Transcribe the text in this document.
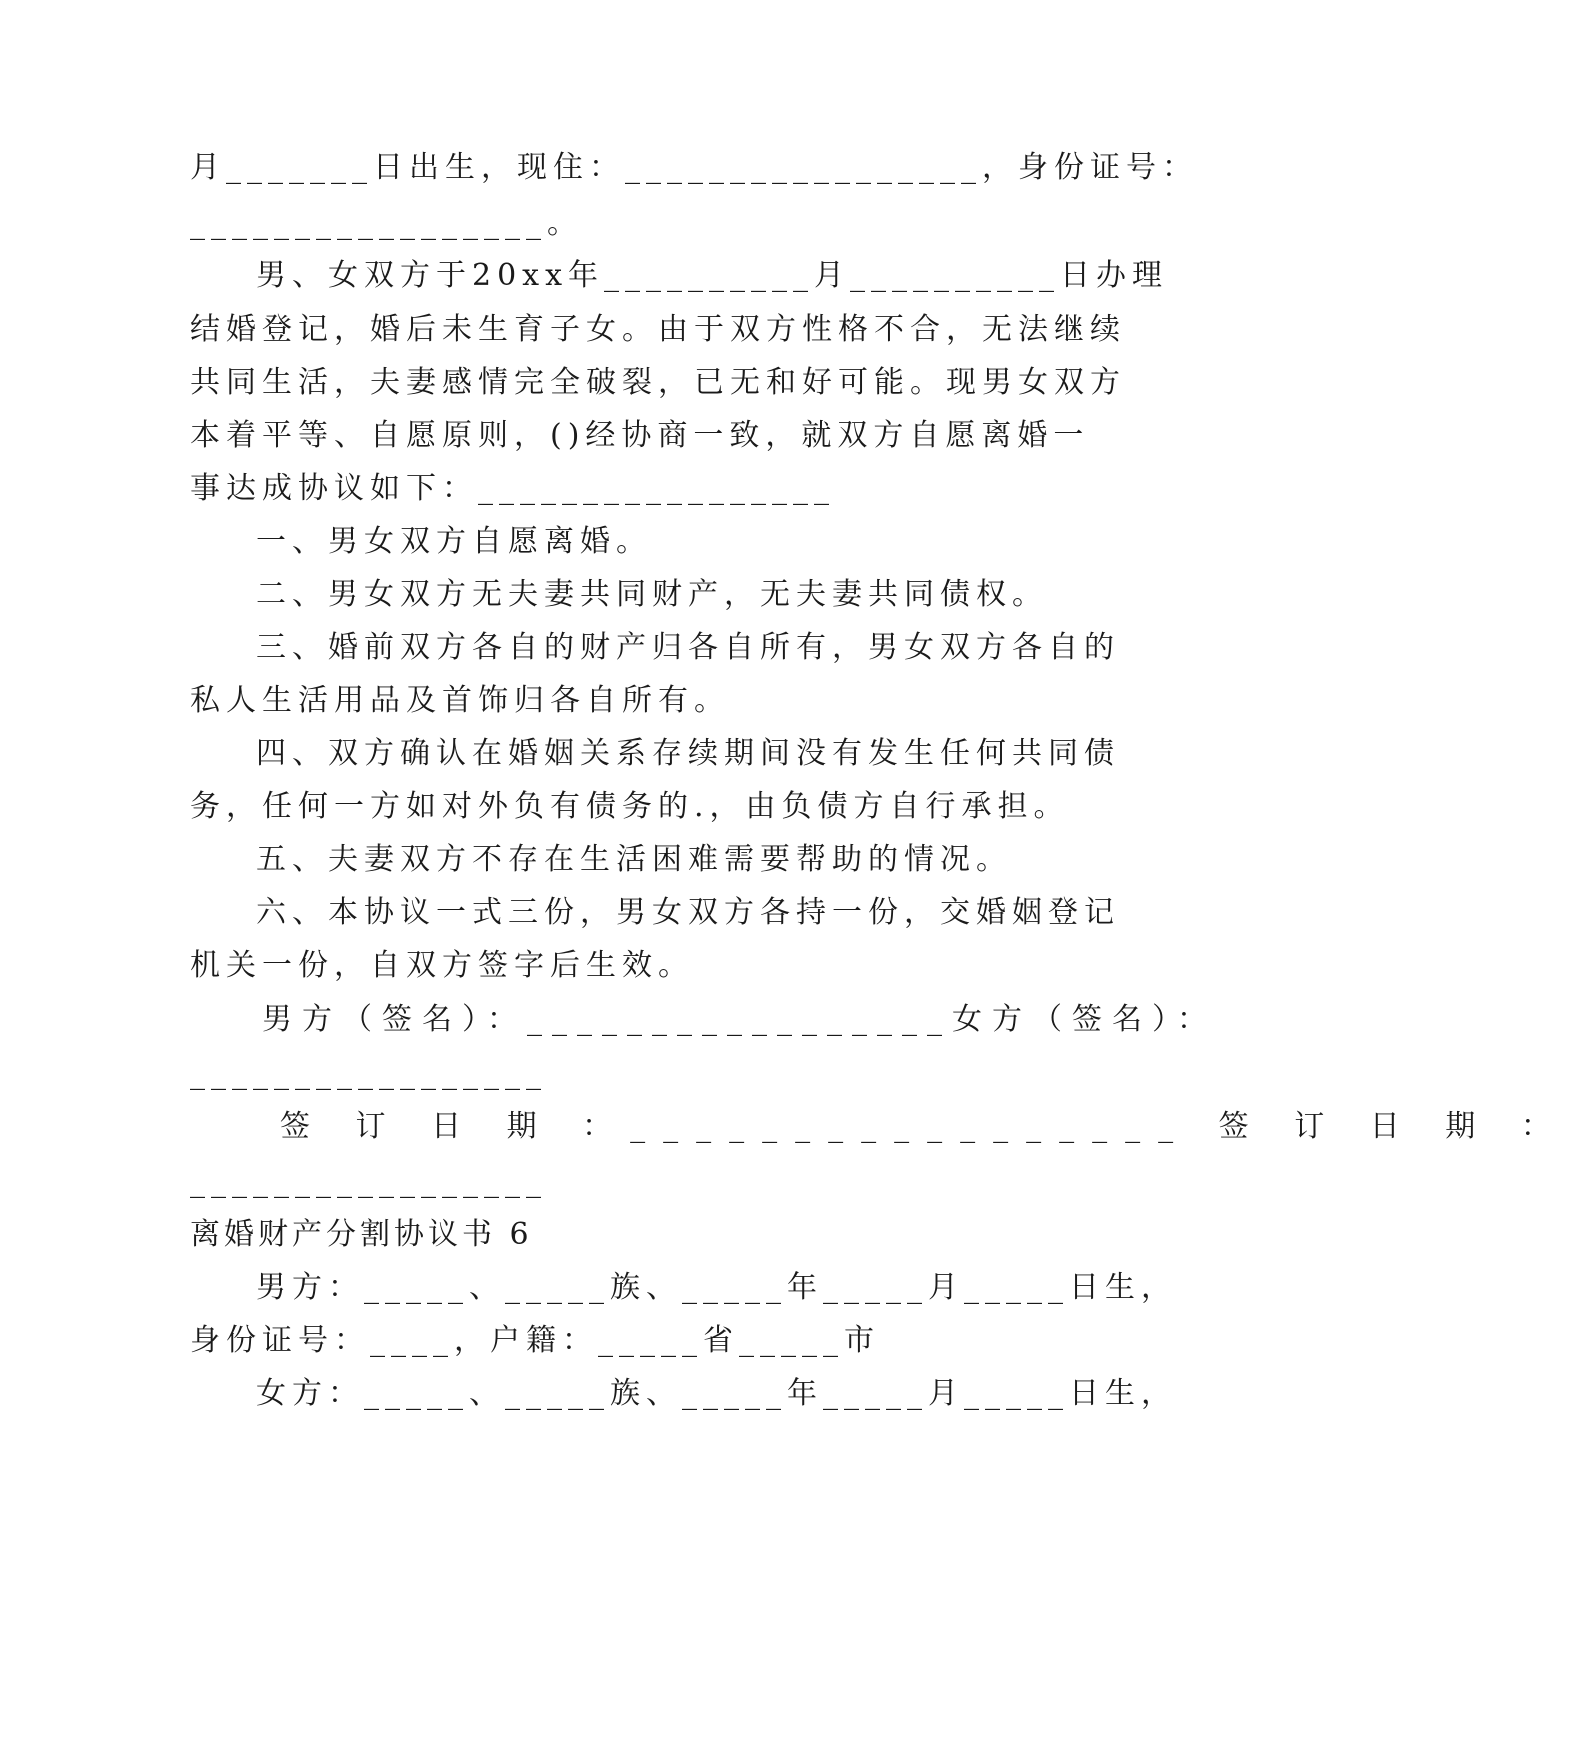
月_______日出生，现住：_________________，身份证号：
_________________。
男、女双方于20xx年__________月__________日办理
结婚登记，婚后未生育子女。由于双方性格不合，无法继续
共同生活，夫妻感情完全破裂，已无和好可能。现男女双方
本着平等、自愿原则，()经协商一致，就双方自愿离婚一
事达成协议如下：_________________
一、男女双方自愿离婚。
二、男女双方无夫妻共同财产，无夫妻共同债权。
三、婚前双方各自的财产归各自所有，男女双方各自的
私人生活用品及首饰归各自所有。
四、双方确认在婚姻关系存续期间没有发生任何共同债
务，任何一方如对外负有债务的.，由负债方自行承担。
五、夫妻双方不存在生活困难需要帮助的情况。
六、本协议一式三份，男女双方各持一份，交婚姻登记
机关一份，自双方签字后生效。
男方（签名）：_________________女方（签名）：
_________________
签 订 日 期 ：_________________ 签 订 日 期 ：
_________________
离婚财产分割协议书 6
男方：_____、_____族、_____年_____月_____日生，
身份证号：____，户籍：_____省_____市
女方：_____、_____族、_____年_____月_____日生，
